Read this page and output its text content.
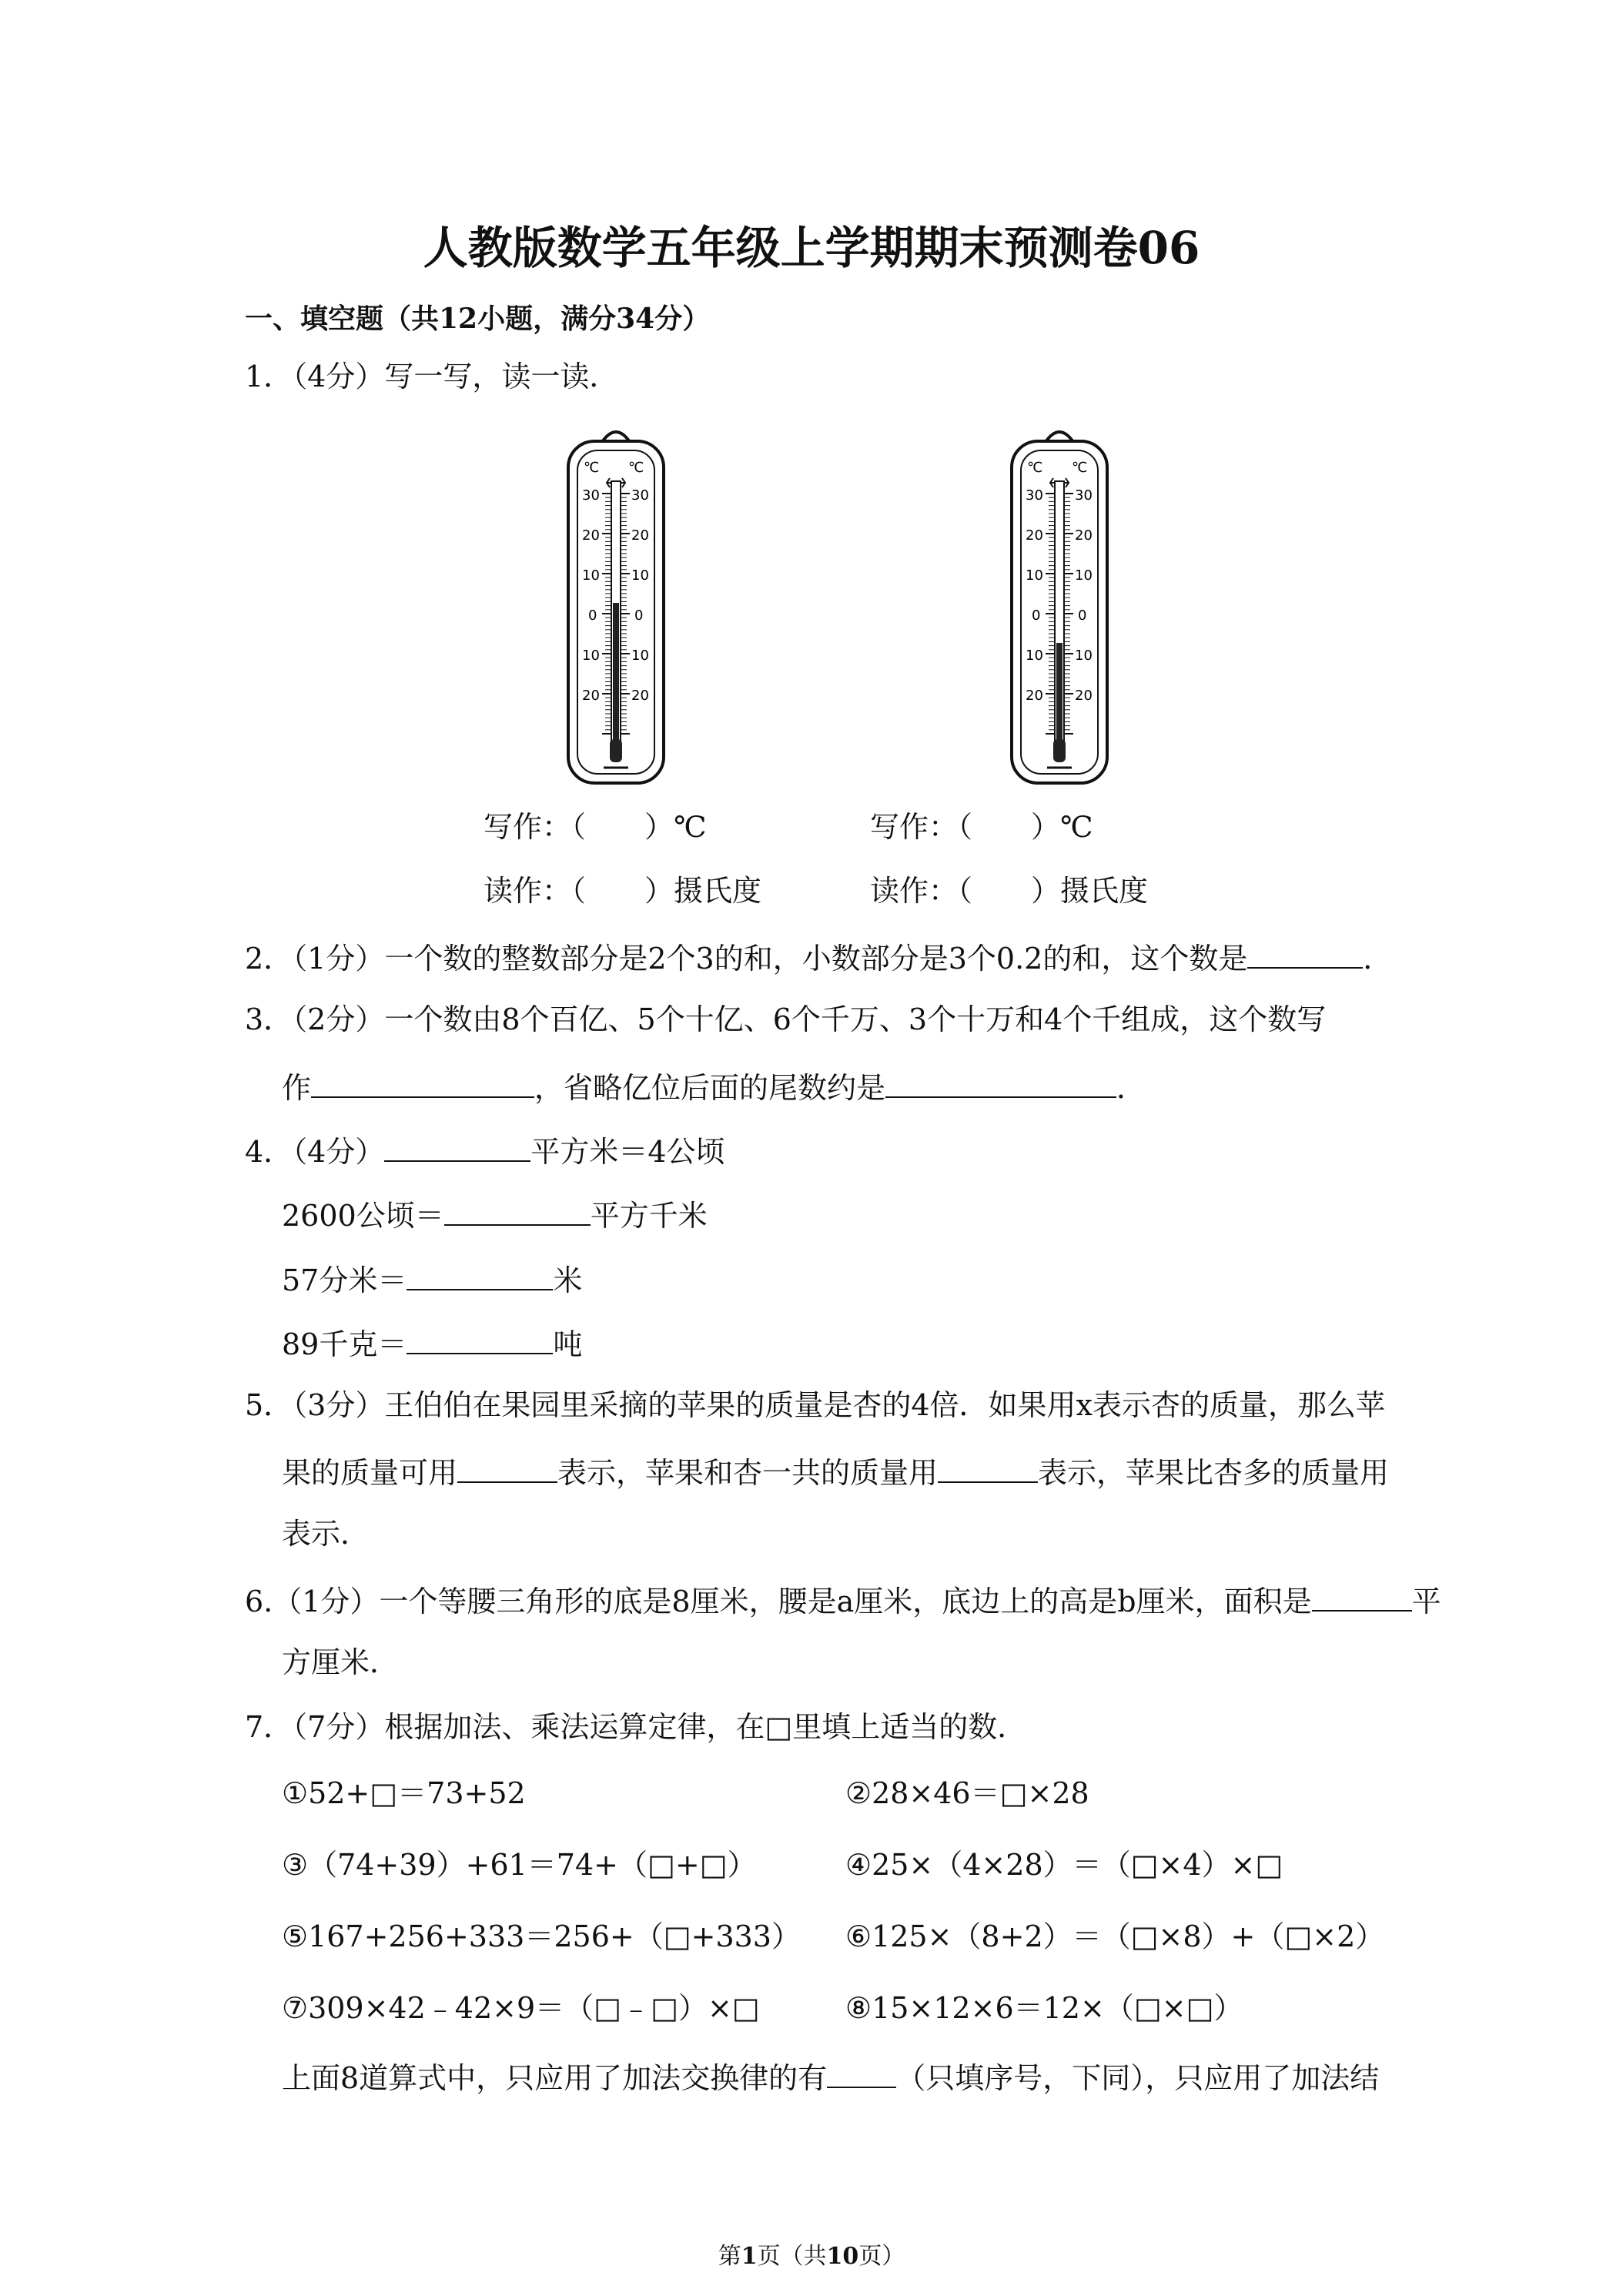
人教版数学五年级上学期期末预测卷06
一、填空题（共12小题，满分34分）
1．（4分）写一写，读一读．
℃ ℃
30
20
10
0
10
20
30
20
10
0
10
20
℃ ℃
30
20
10
0
10
20
30
20
10
0
10
20
写作：（　　）℃	写作：（　　）℃
读作：（　　）摄氏度	读作：（　　）摄氏度
2．（1分）一个数的整数部分是2个3的和，小数部分是3个0.2的和，这个数是	．
3．（2分）一个数由8个百亿、5个十亿、6个千万、3个十万和4个千组成，这个数写
作	，省略亿位后面的尾数约是	．
4．（4分）	平方米＝4公顷
2600公顷＝	平方千米
57分米＝	米
89千克＝	吨
5．（3分）王伯伯在果园里采摘的苹果的质量是杏的4倍．如果用x表示杏的质量，那么苹
果的质量可用	表示，苹果和杏一共的质量用	表示，苹果比杏多的质量用
表示．
6.（1分）一个等腰三角形的底是8厘米，腰是a厘米，底边上的高是b厘米，面积是	平
方厘米．
7．（7分）根据加法、乘法运算定律，在□里填上适当的数．
①52+□＝73+52	②28×46＝□×28
③（74+39）+61＝74+（□+□）	④25×（4×28）＝（□×4）×□
⑤167+256+333＝256+（□+333） ⑥125×（8+2）＝（□×8）+（□×2）
⑦309×42﹣42×9＝（□﹣□）×□	⑧15×12×6＝12×（□×□）
上面8道算式中，只应用了加法交换律的有 （只填序号，下同），只应用了加法结
第1页（共10页）
